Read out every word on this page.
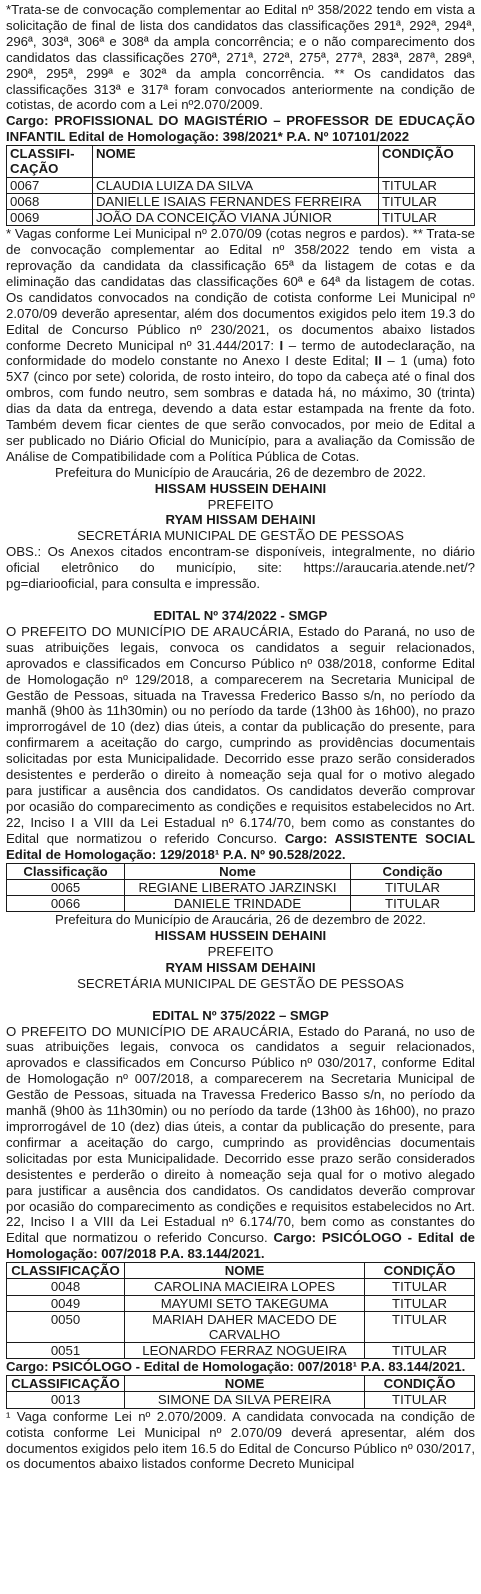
*Trata-se de convocação complementar ao Edital nº 358/2022 tendo em vista a solicitação de final de lista dos candidatos das classificações 291ª, 292ª, 294ª, 296ª, 303ª, 306ª e 308ª da ampla concorrência; e o não comparecimento dos candidatos das classificações 270ª, 271ª, 272ª, 275ª, 277ª, 283ª, 287ª, 289ª, 290ª, 295ª, 299ª e 302ª da ampla concorrência. ** Os candidatos das classificações 313ª e 317ª foram convocados anteriormente na condição de cotistas, de acordo com a Lei nº2.070/2009.

Cargo: PROFISSIONAL DO MAGISTÉRIO – PROFESSOR DE EDUCAÇÃO INFANTIL Edital de Homologação: 398/2021* P.A. Nº 107101/2022

CLASSIFI-CAÇÃO	NOME	CONDIÇÃO
0067	CLAUDIA LUIZA DA SILVA	TITULAR
0068	DANIELLE ISAIAS FERNANDES FERREIRA	TITULAR
0069	JOÃO DA CONCEIÇÃO VIANA JÚNIOR	TITULAR

* Vagas conforme Lei Municipal nº 2.070/09 (cotas negros e pardos). ** Trata-se de convocação complementar ao Edital nº 358/2022 tendo em vista a reprovação da candidata da classificação 65ª da listagem de cotas e da eliminação das candidatas das classificações 60ª e 64ª da listagem de cotas. Os candidatos convocados na condição de cotista conforme Lei Municipal nº 2.070/09 deverão apresentar, além dos documentos exigidos pelo item 19.3 do Edital de Concurso Público nº 230/2021, os documentos abaixo listados conforme Decreto Municipal nº 31.444/2017: I – termo de autodeclaração, na conformidade do modelo constante no Anexo I deste Edital; II – 1 (uma) foto 5X7 (cinco por sete) colorida, de rosto inteiro, do topo da cabeça até o final dos ombros, com fundo neutro, sem sombras e datada há, no máximo, 30 (trinta) dias da data da entrega, devendo a data estar estampada na frente da foto. Também devem ficar cientes de que serão convocados, por meio de Edital a ser publicado no Diário Oficial do Município, para a avaliação da Comissão de Análise de Compatibilidade com a Política Pública de Cotas.

Prefeitura do Município de Araucária, 26 de dezembro de 2022.

HISSAM HUSSEIN DEHAINI

PREFEITO

RYAM HISSAM DEHAINI

SECRETÁRIA MUNICIPAL DE GESTÃO DE PESSOAS

OBS.: Os Anexos citados encontram-se disponíveis, integralmente, no diário oficial eletrônico do município, site: https://araucaria.atende.net/?pg=diariooficial, para consulta e impressão.

EDITAL Nº 374/2022 - SMGP

O PREFEITO DO MUNICÍPIO DE ARAUCÁRIA, Estado do Paraná, no uso de suas atribuições legais, convoca os candidatos a seguir relacionados, aprovados e classificados em Concurso Público nº 038/2018, conforme Edital de Homologação nº 129/2018, a comparecerem na Secretaria Municipal de Gestão de Pessoas, situada na Travessa Frederico Basso s/n, no período da manhã (9h00 às 11h30min) ou no período da tarde (13h00 às 16h00), no prazo improrrogável de 10 (dez) dias úteis, a contar da publicação do presente, para confirmarem a aceitação do cargo, cumprindo as providências documentais solicitadas por esta Municipalidade. Decorrido esse prazo serão considerados desistentes e perderão o direito à nomeação seja qual for o motivo alegado para justificar a ausência dos candidatos. Os candidatos deverão comprovar por ocasião do comparecimento as condições e requisitos estabelecidos no Art. 22, Inciso I a VIII da Lei Estadual nº 6.174/70, bem como as constantes do Edital que normatizou o referido Concurso. Cargo: ASSISTENTE SOCIAL Edital de Homologação: 129/2018¹ P.A. Nº 90.528/2022.

Classificação	Nome	Condição
0065	REGIANE LIBERATO JARZINSKI	TITULAR
0066	DANIELE TRINDADE	TITULAR

Prefeitura do Município de Araucária, 26 de dezembro de 2022.

HISSAM HUSSEIN DEHAINI

PREFEITO

RYAM HISSAM DEHAINI

SECRETÁRIA MUNICIPAL DE GESTÃO DE PESSOAS

EDITAL Nº 375/2022 – SMGP

O PREFEITO DO MUNICÍPIO DE ARAUCÁRIA, Estado do Paraná, no uso de suas atribuições legais, convoca os candidatos a seguir relacionados, aprovados e classificados em Concurso Público nº 030/2017, conforme Edital de Homologação nº 007/2018, a comparecerem na Secretaria Municipal de Gestão de Pessoas, situada na Travessa Frederico Basso s/n, no período da manhã (9h00 às 11h30min) ou no período da tarde (13h00 às 16h00), no prazo improrrogável de 10 (dez) dias úteis, a contar da publicação do presente, para confirmar a aceitação do cargo, cumprindo as providências documentais solicitadas por esta Municipalidade. Decorrido esse prazo serão considerados desistentes e perderão o direito à nomeação seja qual for o motivo alegado para justificar a ausência dos candidatos. Os candidatos deverão comprovar por ocasião do comparecimento as condições e requisitos estabelecidos no Art. 22, Inciso I a VIII da Lei Estadual nº 6.174/70, bem como as constantes do Edital que normatizou o referido Concurso. Cargo: PSICÓLOGO - Edital de Homologação: 007/2018 P.A. 83.144/2021.

CLASSIFICAÇÃO	NOME	CONDIÇÃO
0048	CAROLINA MACIEIRA LOPES	TITULAR
0049	MAYUMI SETO TAKEGUMA	TITULAR
0050	MARIAH DAHER MACEDO DE CARVALHO	TITULAR
0051	LEONARDO FERRAZ NOGUEIRA	TITULAR

Cargo: PSICÓLOGO - Edital de Homologação: 007/2018¹ P.A. 83.144/2021.

CLASSIFICAÇÃO	NOME	CONDIÇÃO
0013	SIMONE DA SILVA PEREIRA	TITULAR

¹ Vaga conforme Lei nº 2.070/2009. A candidata convocada na condição de cotista conforme Lei Municipal nº 2.070/09 deverá apresentar, além dos documentos exigidos pelo item 16.5 do Edital de Concurso Público nº 030/2017, os documentos abaixo listados conforme Decreto Municipal
